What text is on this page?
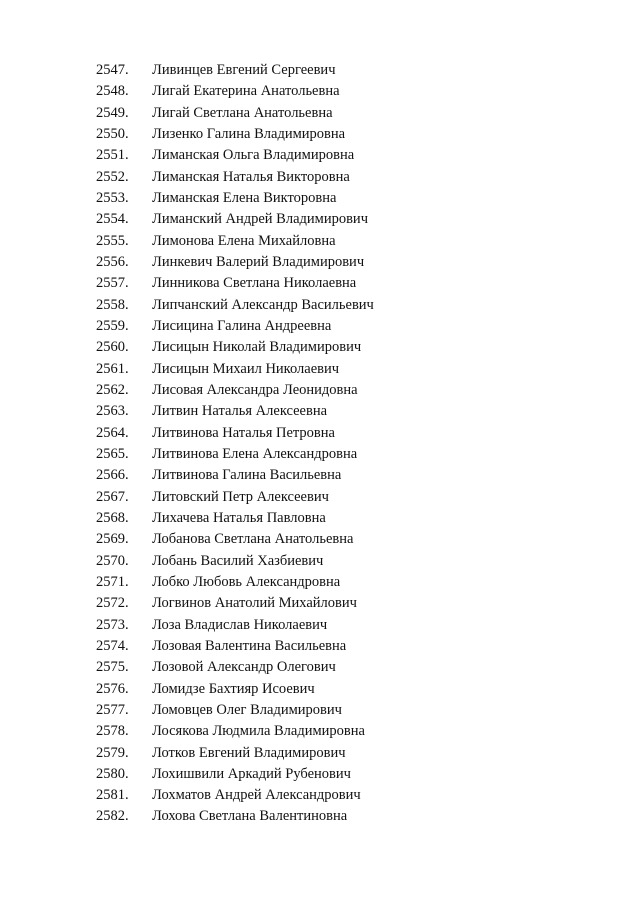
2547.	Ливинцев Евгений Сергеевич
2548.	Лигай Екатерина Анатольевна
2549.	Лигай Светлана Анатольевна
2550.	Лизенко Галина Владимировна
2551.	Лиманская Ольга Владимировна
2552.	Лиманская Наталья Викторовна
2553.	Лиманская Елена Викторовна
2554.	Лиманский Андрей Владимирович
2555.	Лимонова Елена Михайловна
2556.	Линкевич Валерий Владимирович
2557.	Линникова Светлана Николаевна
2558.	Липчанский Александр Васильевич
2559.	Лисицина Галина Андреевна
2560.	Лисицын Николай Владимирович
2561.	Лисицын Михаил Николаевич
2562.	Лисовая Александра Леонидовна
2563.	Литвин Наталья Алексеевна
2564.	Литвинова Наталья Петровна
2565.	Литвинова Елена Александровна
2566.	Литвинова Галина Васильевна
2567.	Литовский Петр Алексеевич
2568.	Лихачева Наталья Павловна
2569.	Лобанова Светлана Анатольевна
2570.	Лобань Василий Хазбиевич
2571.	Лобко Любовь Александровна
2572.	Логвинов Анатолий Михайлович
2573.	Лоза Владислав Николаевич
2574.	Лозовая Валентина Васильевна
2575.	Лозовой Александр Олегович
2576.	Ломидзе Бахтияр Исоевич
2577.	Ломовцев Олег Владимирович
2578.	Лосякова Людмила Владимировна
2579.	Лотков Евгений Владимирович
2580.	Лохишвили Аркадий Рубенович
2581.	Лохматов Андрей Александрович
2582.	Лохова Светлана Валентиновна
